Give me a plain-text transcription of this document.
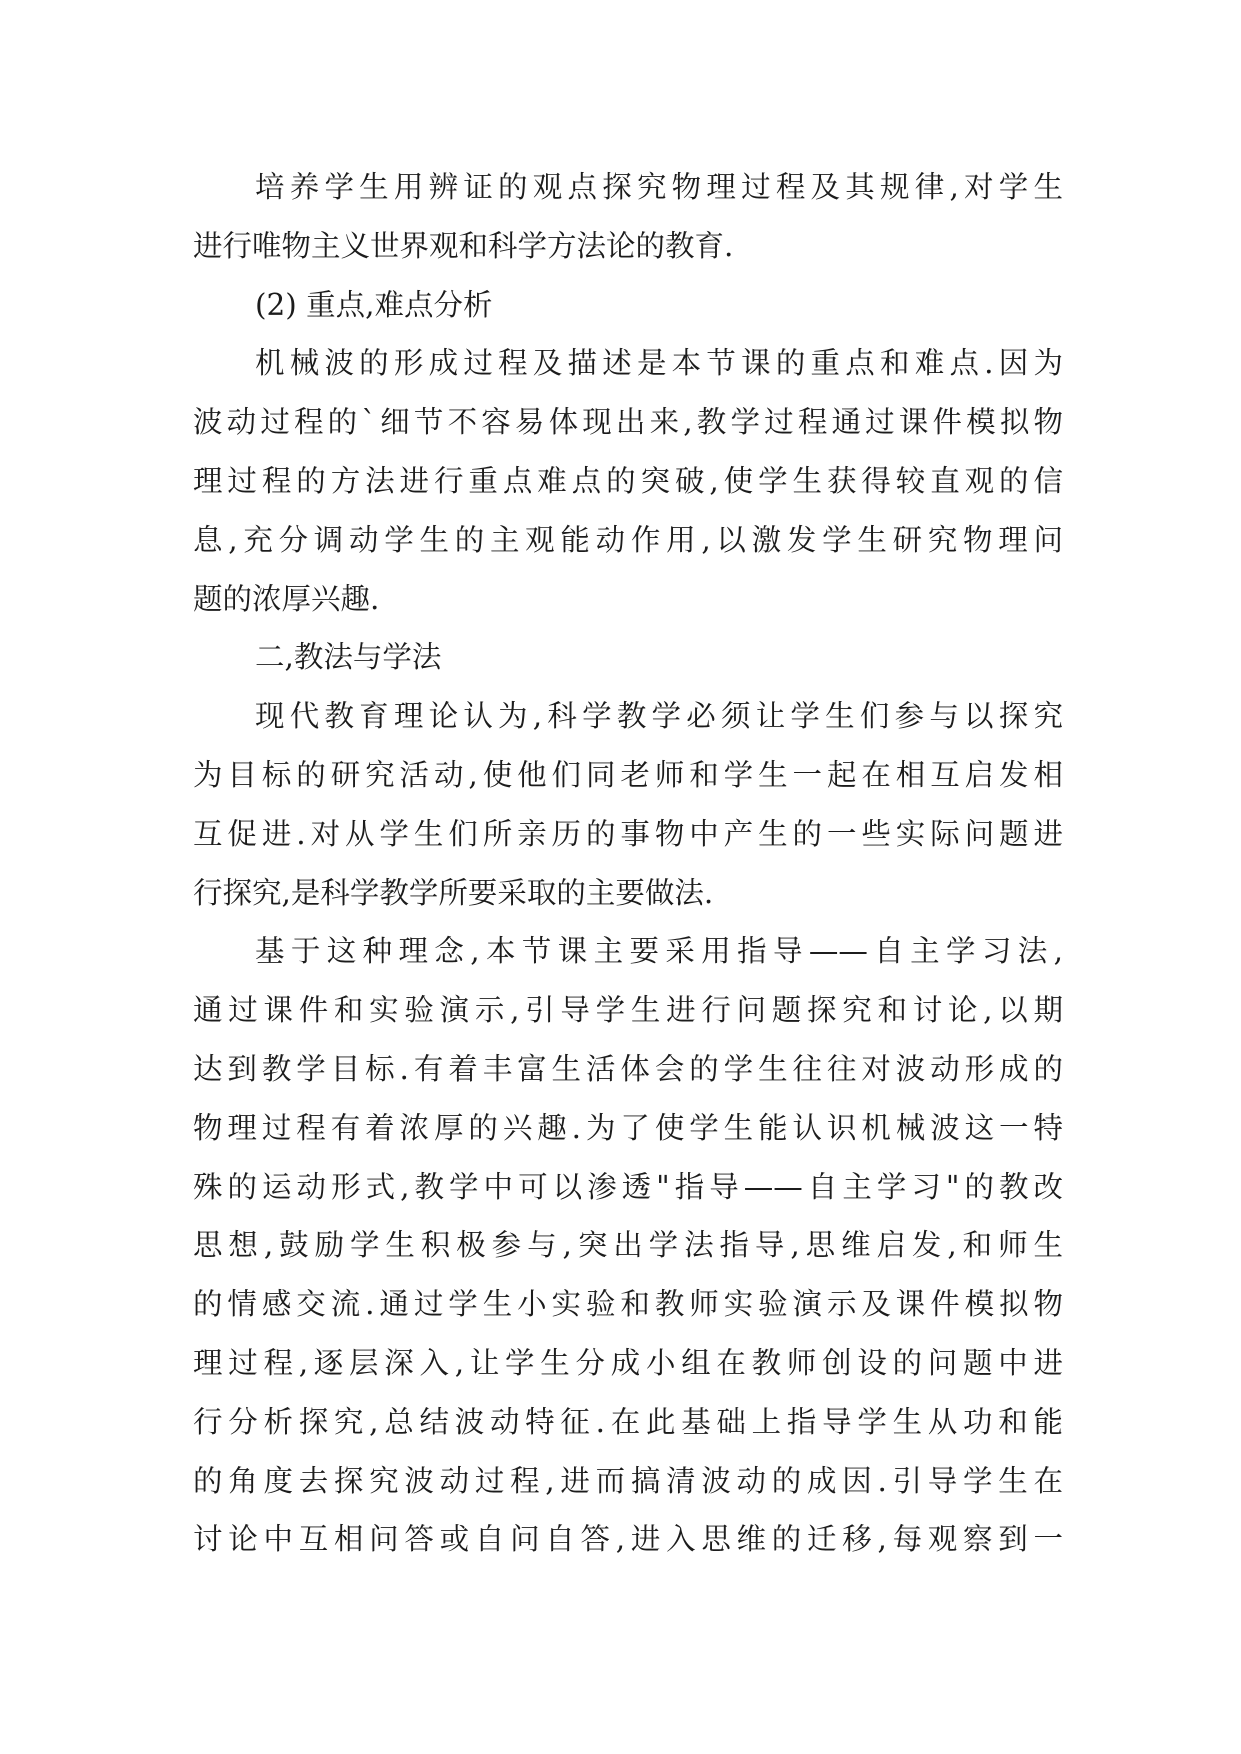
培养学生用辨证的观点探究物理过程及其规律,对学生
进行唯物主义世界观和科学方法论的教育.
(2) 重点,难点分析
机械波的形成过程及描述是本节课的重点和难点.因为
波动过程的`细节不容易体现出来,教学过程通过课件模拟物
理过程的方法进行重点难点的突破,使学生获得较直观的信
息,充分调动学生的主观能动作用,以激发学生研究物理问
题的浓厚兴趣.
二,教法与学法
现代教育理论认为,科学教学必须让学生们参与以探究
为目标的研究活动,使他们同老师和学生一起在相互启发相
互促进.对从学生们所亲历的事物中产生的一些实际问题进
行探究,是科学教学所要采取的主要做法.
基于这种理念,本节课主要采用指导——自主学习法,
通过课件和实验演示,引导学生进行问题探究和讨论,以期
达到教学目标.有着丰富生活体会的学生往往对波动形成的
物理过程有着浓厚的兴趣.为了使学生能认识机械波这一特
殊的运动形式,教学中可以渗透"指导——自主学习"的教改
思想,鼓励学生积极参与,突出学法指导,思维启发,和师生
的情感交流.通过学生小实验和教师实验演示及课件模拟物
理过程,逐层深入,让学生分成小组在教师创设的问题中进
行分析探究,总结波动特征.在此基础上指导学生从功和能
的角度去探究波动过程,进而搞清波动的成因.引导学生在
讨论中互相问答或自问自答,进入思维的迁移,每观察到一
